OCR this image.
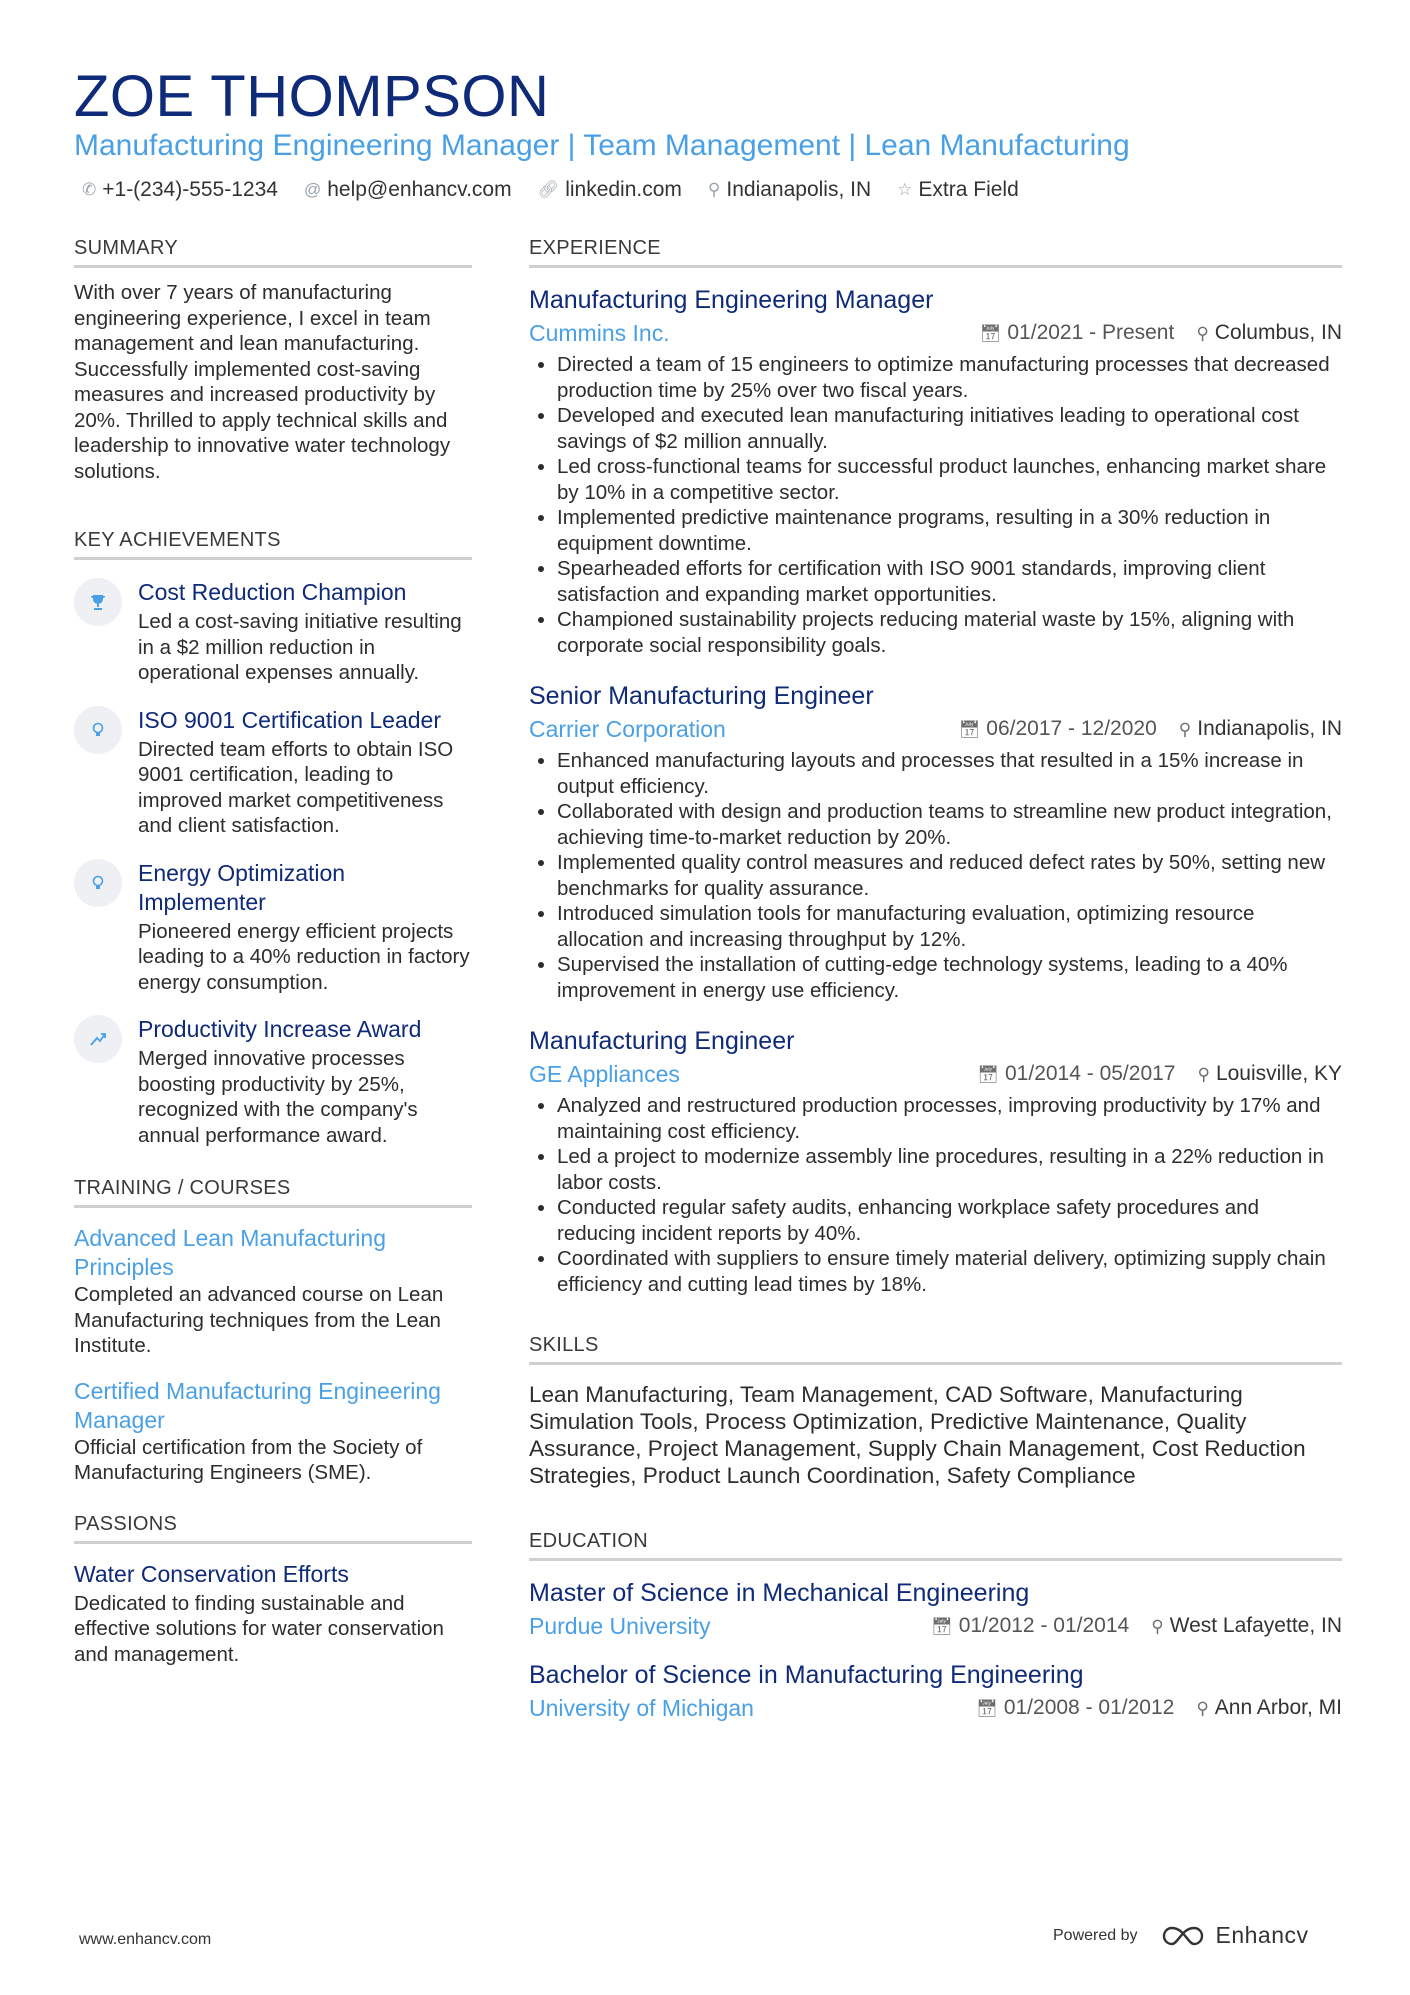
ZOE THOMPSON
Manufacturing Engineering Manager | Team Management | Lean Manufacturing
✆ +1-(234)-555-1234 @ help@enhancv.com 🔗︎ linkedin.com ⚲ Indianapolis, IN ☆ Extra Field
SUMMARY
With over 7 years of manufacturing engineering experience, I excel in team management and lean manufacturing. Successfully implemented cost-saving measures and increased productivity by 20%. Thrilled to apply technical skills and leadership to innovative water technology solutions.
KEY ACHIEVEMENTS
Cost Reduction Champion
Led a cost-saving initiative resulting in a $2 million reduction in operational expenses annually.
ISO 9001 Certification Leader
Directed team efforts to obtain ISO 9001 certification, leading to improved market competitiveness and client satisfaction.
Energy Optimization Implementer
Pioneered energy efficient projects leading to a 40% reduction in factory energy consumption.
Productivity Increase Award
Merged innovative processes boosting productivity by 25%, recognized with the company's annual performance award.
TRAINING / COURSES
Advanced Lean Manufacturing Principles
Completed an advanced course on Lean Manufacturing techniques from the Lean Institute.
Certified Manufacturing Engineering Manager
Official certification from the Society of Manufacturing Engineers (SME).
PASSIONS
Water Conservation Efforts
Dedicated to finding sustainable and effective solutions for water conservation and management.
EXPERIENCE
Manufacturing Engineering Manager
Cummins Inc.	📅︎ 01/2021 - Present ⚲ Columbus, IN
• Directed a team of 15 engineers to optimize manufacturing processes that decreased production time by 25% over two fiscal years.
• Developed and executed lean manufacturing initiatives leading to operational cost savings of $2 million annually.
• Led cross-functional teams for successful product launches, enhancing market share by 10% in a competitive sector.
• Implemented predictive maintenance programs, resulting in a 30% reduction in equipment downtime.
• Spearheaded efforts for certification with ISO 9001 standards, improving client satisfaction and expanding market opportunities.
• Championed sustainability projects reducing material waste by 15%, aligning with corporate social responsibility goals.
Senior Manufacturing Engineer
Carrier Corporation	📅︎ 06/2017 - 12/2020 ⚲ Indianapolis, IN
• Enhanced manufacturing layouts and processes that resulted in a 15% increase in output efficiency.
• Collaborated with design and production teams to streamline new product integration, achieving time-to-market reduction by 20%.
• Implemented quality control measures and reduced defect rates by 50%, setting new benchmarks for quality assurance.
• Introduced simulation tools for manufacturing evaluation, optimizing resource allocation and increasing throughput by 12%.
• Supervised the installation of cutting-edge technology systems, leading to a 40% improvement in energy use efficiency.
Manufacturing Engineer
GE Appliances	📅︎ 01/2014 - 05/2017 ⚲ Louisville, KY
• Analyzed and restructured production processes, improving productivity by 17% and maintaining cost efficiency.
• Led a project to modernize assembly line procedures, resulting in a 22% reduction in labor costs.
• Conducted regular safety audits, enhancing workplace safety procedures and reducing incident reports by 40%.
• Coordinated with suppliers to ensure timely material delivery, optimizing supply chain efficiency and cutting lead times by 18%.
SKILLS
Lean Manufacturing, Team Management, CAD Software, Manufacturing Simulation Tools, Process Optimization, Predictive Maintenance, Quality Assurance, Project Management, Supply Chain Management, Cost Reduction Strategies, Product Launch Coordination, Safety Compliance
EDUCATION
Master of Science in Mechanical Engineering
Purdue University	📅︎ 01/2012 - 01/2014 ⚲ West Lafayette, IN
Bachelor of Science in Manufacturing Engineering
University of Michigan	📅︎ 01/2008 - 01/2012 ⚲ Ann Arbor, MI
www.enhancv.com	Powered by	Enhancv
